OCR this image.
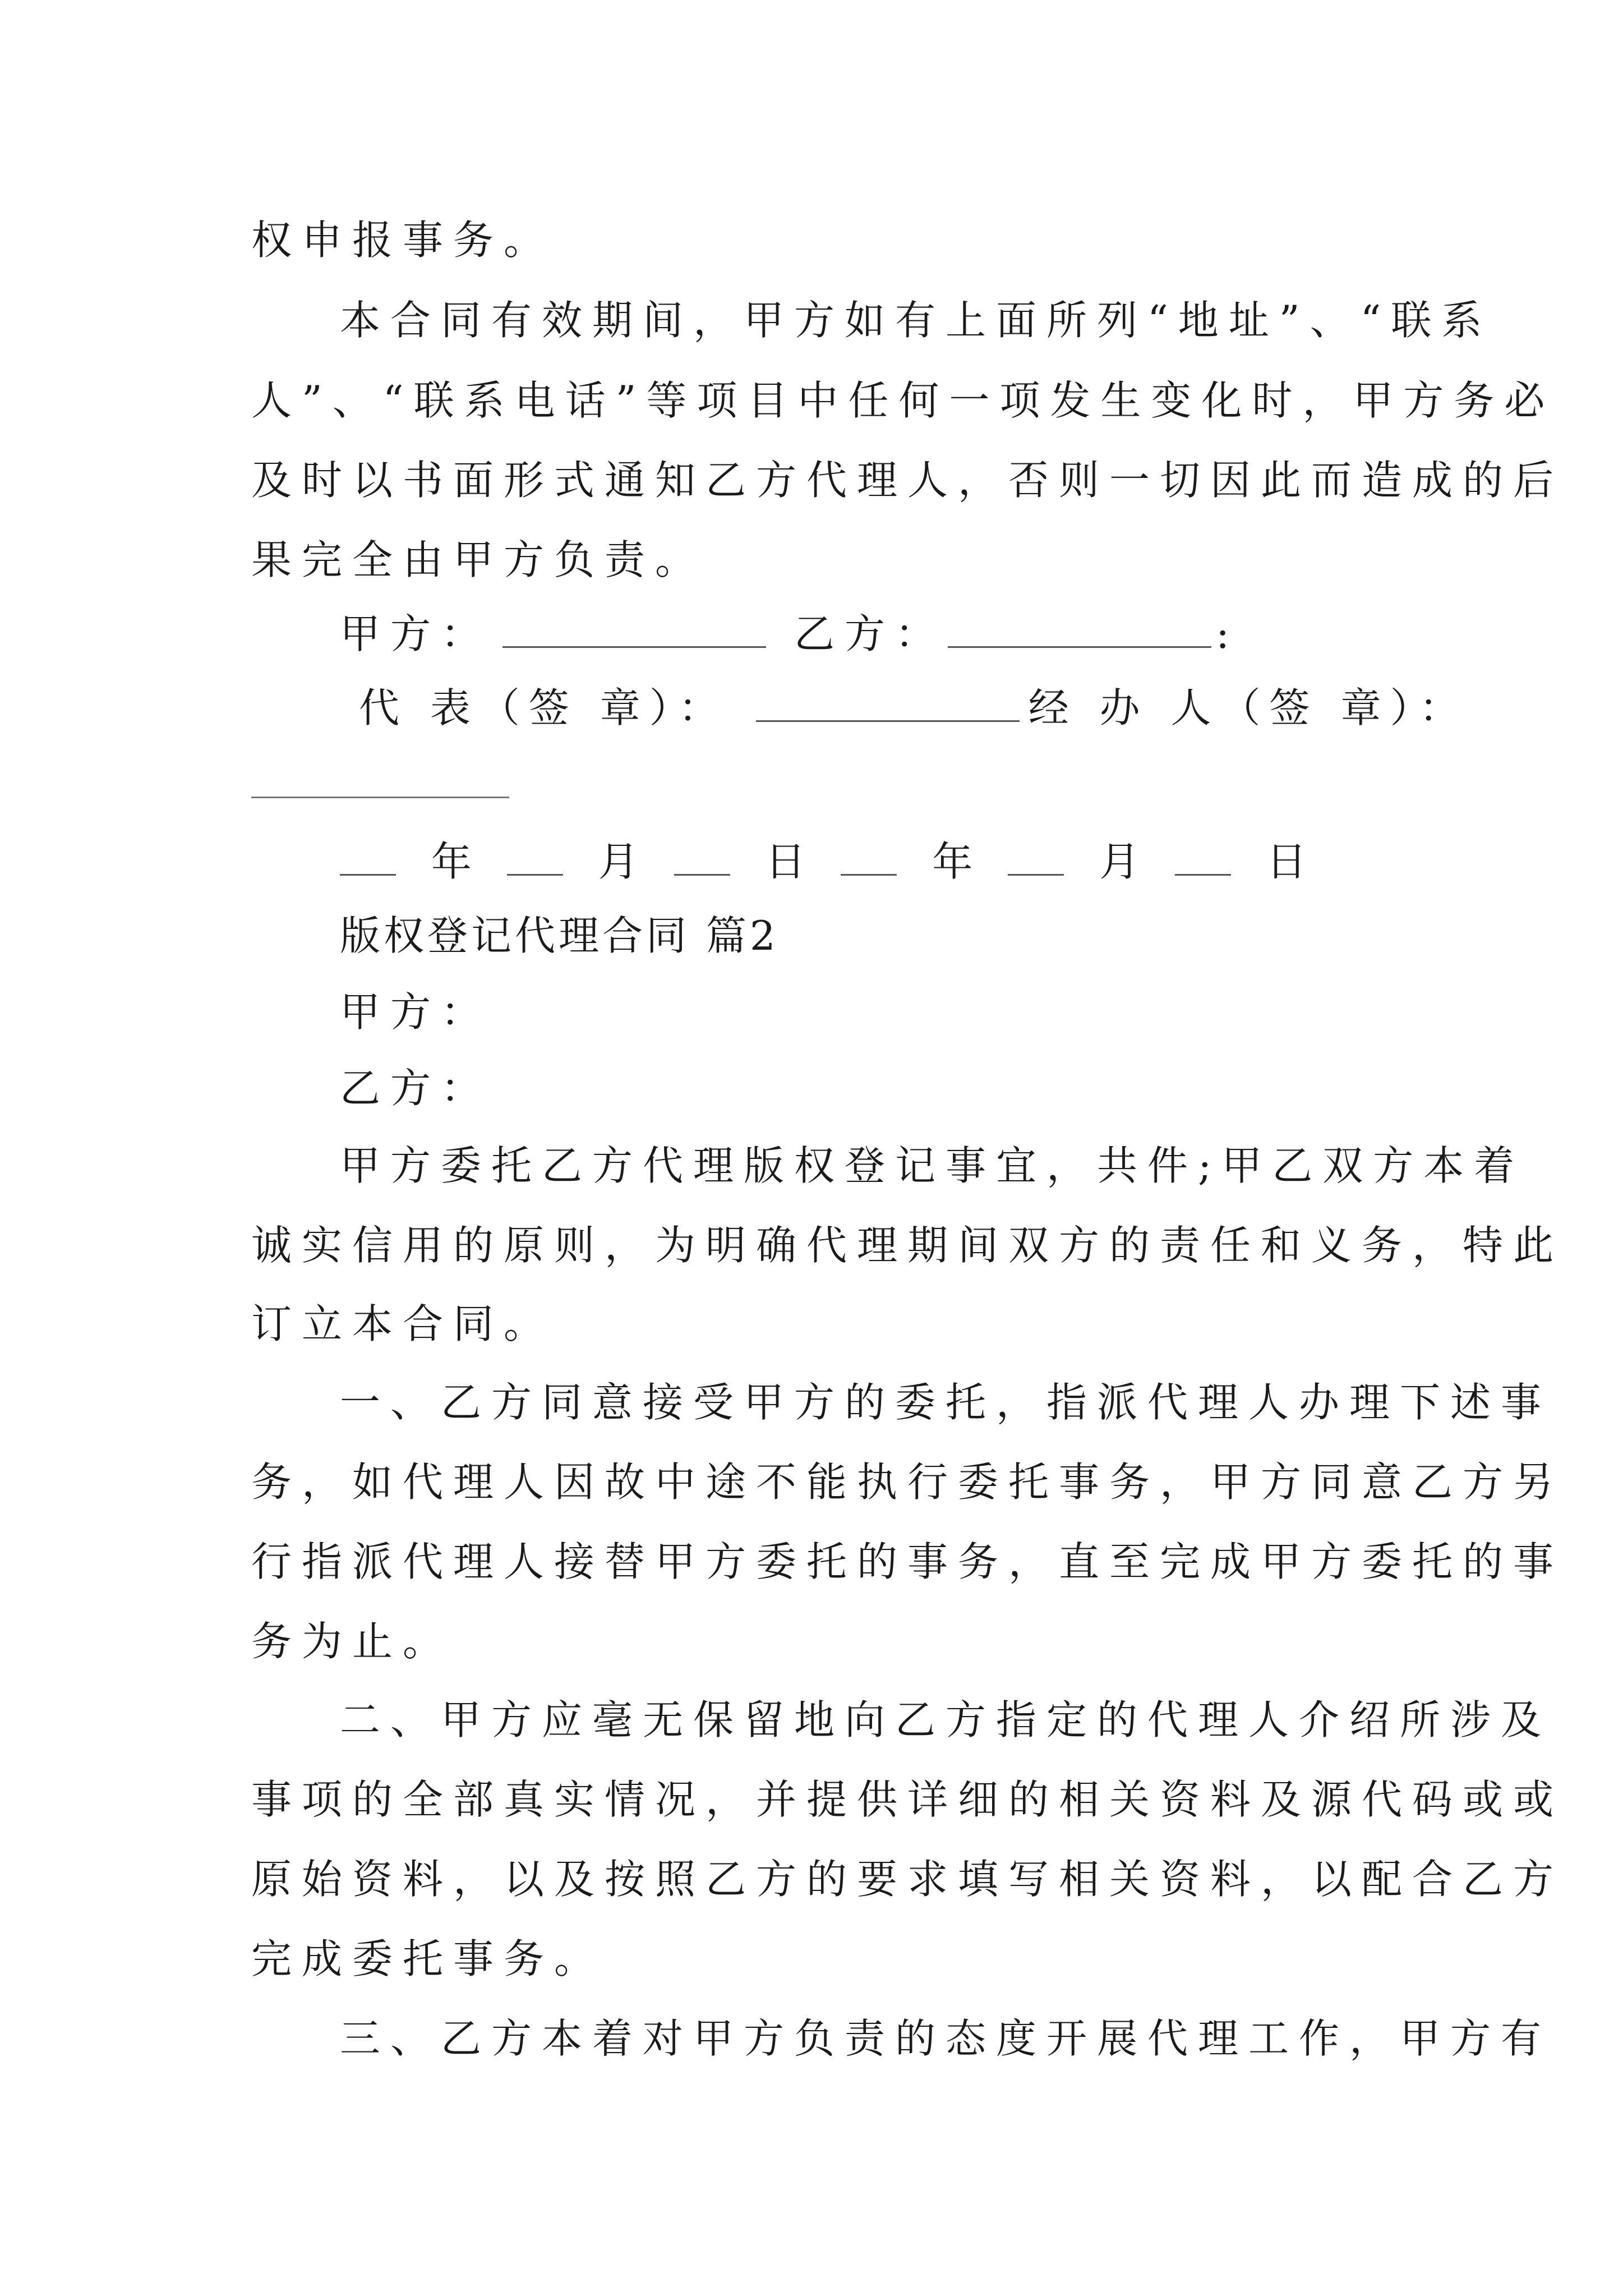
权申报事务。
本合同有效期间，甲方如有上面所列“地址”、“联系
人”、“联系电话”等项目中任何一项发生变化时，甲方务必
及时以书面形式通知乙方代理人，否则一切因此而造成的后
果完全由甲方负责。
甲方：	乙方：	:
代 表（签 章）：	经 办 人（签 章）：
年	月	日	年	月	日
版权登记代理合同 篇2
甲方：
乙方：
甲方委托乙方代理版权登记事宜，共件;甲乙双方本着
诚实信用的原则，为明确代理期间双方的责任和义务，特此
订立本合同。
一、乙方同意接受甲方的委托，指派代理人办理下述事
务，如代理人因故中途不能执行委托事务，甲方同意乙方另
行指派代理人接替甲方委托的事务，直至完成甲方委托的事
务为止。
二、甲方应毫无保留地向乙方指定的代理人介绍所涉及
事项的全部真实情况，并提供详细的相关资料及源代码或或
原始资料，以及按照乙方的要求填写相关资料，以配合乙方
完成委托事务。
三、乙方本着对甲方负责的态度开展代理工作，甲方有
